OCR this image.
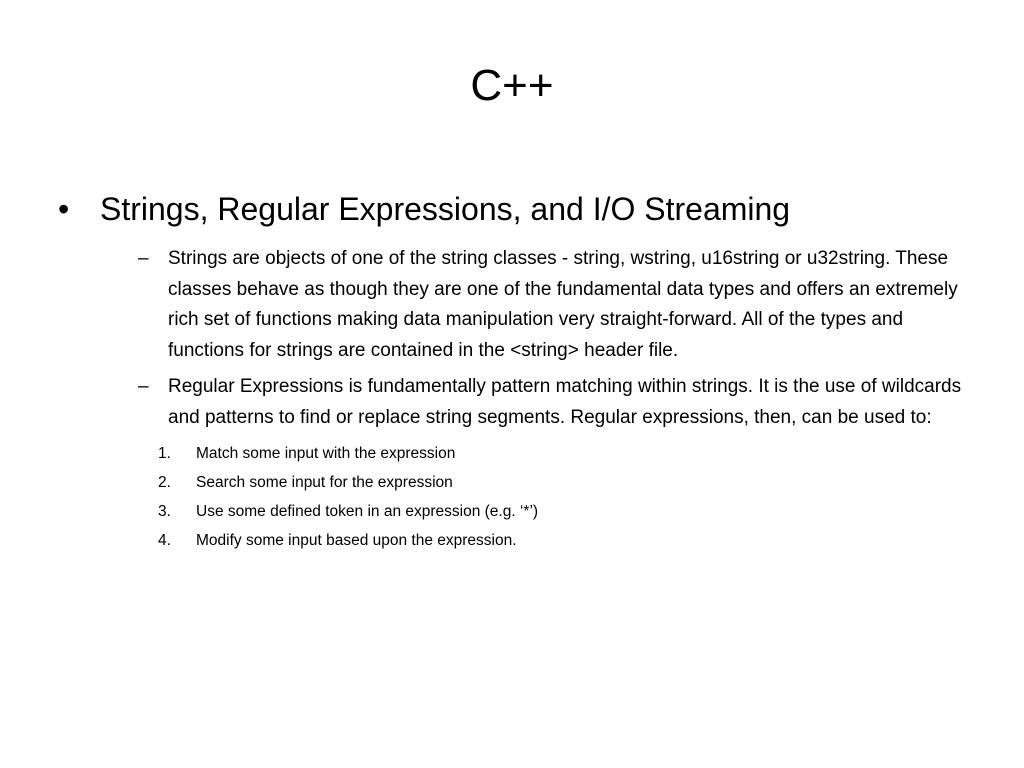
C++
• Strings, Regular Expressions, and I/O Streaming
–	Strings are objects of one of the string classes - string, wstring, u16string or u32string. These classes behave as though they are one of the fundamental data types and offers an extremely rich set of functions making data manipulation very straight-forward. All of the types and functions for strings are contained in the <string> header file.
–	Regular Expressions is fundamentally pattern matching within strings. It is the use of wildcards and patterns to find or replace string segments. Regular expressions, then, can be used to:
1.	Match some input with the expression
2.	Search some input for the expression
3.	Use some defined token in an expression (e.g. ‘*’)
4.	Modify some input based upon the expression.
